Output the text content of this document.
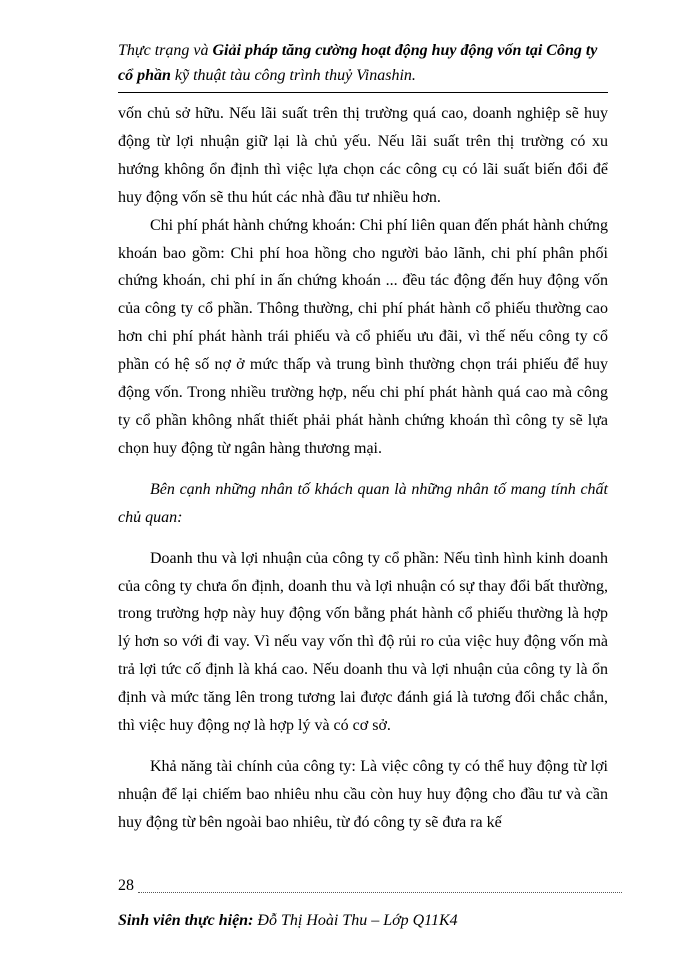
Thực trạng và Giải pháp tăng cường hoạt động huy động vốn tại Công ty cổ phần kỹ thuật tàu công trình thuỷ Vinashin.

vốn chủ sở hữu. Nếu lãi suất trên thị trường quá cao, doanh nghiệp sẽ huy động từ lợi nhuận giữ lại là chủ yếu. Nếu lãi suất trên thị trường có xu hướng không ổn định thì việc lựa chọn các công cụ có lãi suất biến đổi để huy động vốn sẽ thu hút các nhà đầu tư nhiều hơn.

Chi phí phát hành chứng khoán: Chi phí liên quan đến phát hành chứng khoán bao gồm: Chi phí hoa hồng cho người bảo lãnh, chi phí phân phối chứng khoán, chi phí in ấn chứng khoán ... đều tác động đến huy động vốn của công ty cổ phần. Thông thường, chi phí phát hành cổ phiếu thường cao hơn chi phí phát hành trái phiếu và cổ phiếu ưu đãi, vì thế nếu công ty cổ phần có hệ số nợ ở mức thấp và trung bình thường chọn trái phiếu để huy động vốn. Trong nhiều trường hợp, nếu chi phí phát hành quá cao mà công ty cổ phần không nhất thiết phải phát hành chứng khoán thì công ty sẽ lựa chọn huy động từ ngân hàng thương mại.

Bên cạnh những nhân tố khách quan là những nhân tố mang tính chất chủ quan:

Doanh thu và lợi nhuận của công ty cổ phần: Nếu tình hình kinh doanh của công ty chưa ổn định, doanh thu và lợi nhuận có sự thay đổi bất thường, trong trường hợp này huy động vốn bằng phát hành cổ phiếu thường là hợp lý hơn so với đi vay. Vì nếu vay vốn thì độ rủi ro của việc huy động vốn mà trả lợi tức cố định là khá cao. Nếu doanh thu và lợi nhuận của công ty là ổn định và mức tăng lên trong tương lai được đánh giá là tương đối chắc chắn, thì việc huy động nợ là hợp lý và có cơ sở.

Khả năng tài chính của công ty: Là việc công ty có thể huy động từ lợi nhuận để lại chiếm bao nhiêu nhu cầu còn huy huy động cho đầu tư và cần huy động từ bên ngoài bao nhiêu, từ đó công ty sẽ đưa ra kế

28
Sinh viên thực hiện: Đỗ Thị Hoài Thu – Lớp Q11K4
